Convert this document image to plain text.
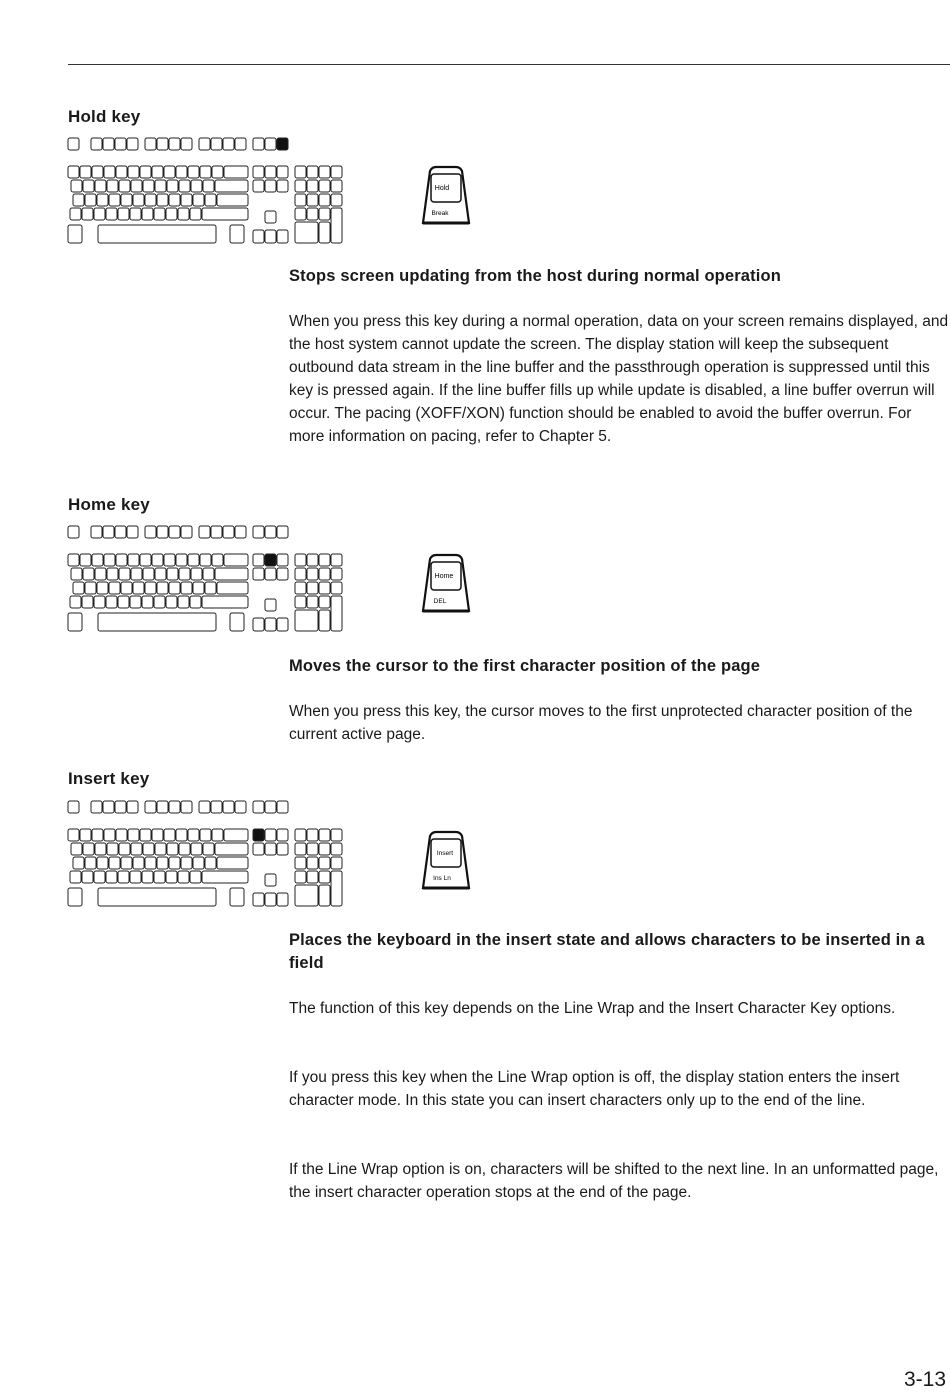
Hold key
Hold
Break
Stops screen updating from the host during normal operation

When you press this key during a normal operation, data on your screen remains displayed, and the host system cannot update the screen. The display station will keep the subsequent outbound data stream in the line buffer and the passthrough operation is suppressed until this key is pressed again. If the line buffer fills up while update is disabled, a line buffer overrun will occur. The pacing (XOFF/XON) function should be enabled to avoid the buffer overrun. For more information on pacing, refer to Chapter 5.

Home key
Home
DEL
Moves the cursor to the first character position of the page

When you press this key, the cursor moves to the first unprotected character position of the current active page.

Insert key
Insert
Ins Ln
Places the keyboard in the insert state and allows characters to be inserted in a field

The function of this key depends on the Line Wrap and the Insert Character Key options.

If you press this key when the Line Wrap option is off, the display station enters the insert character mode. In this state you can insert characters only up to the end of the line.

If the Line Wrap option is on, characters will be shifted to the next line. In an unformatted page, the insert character operation stops at the end of the page.

3-13
